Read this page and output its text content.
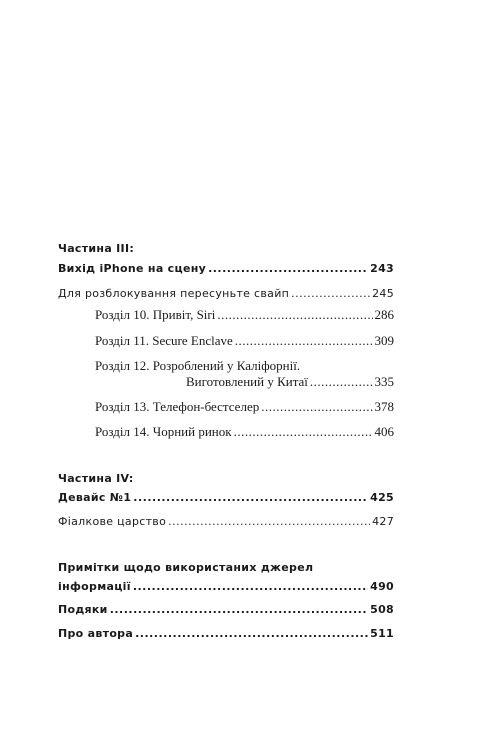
Частина ІІІ:
Вихід iPhone на сцену .....	243
Для розблокування пересуньте свайп .....	245
Розділ 10. Привіт, Siri .....	286
Розділ 11. Secure Enclave .....	309
Розділ 12. Розроблений у Каліфорнії.
Виготовлений у Китаї .....	335
Розділ 13. Телефон-бестселер .....	378
Розділ 14. Чорний ринок .....	406
Частина IV:
Девайс №1 .....	425
Фіалкове царство .....	427
Примітки щодо використаних джерел
інформації .....	490
Подяки .....	508
Про автора .....	511
